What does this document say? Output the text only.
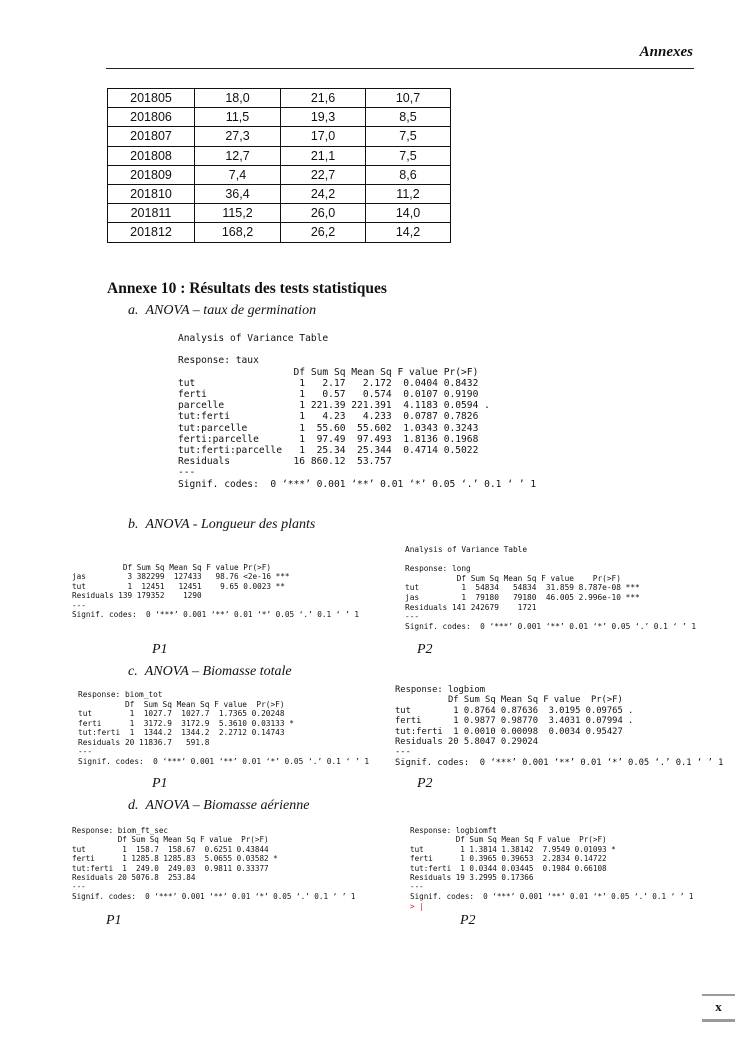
Annexes
201805	18,0	21,6	10,7
201806	11,5	19,3	8,5
201807	27,3	17,0	7,5
201808	12,7	21,1	7,5
201809	7,4	22,7	8,6
201810	36,4	24,2	11,2
201811	115,2	26,0	14,0
201812	168,2	26,2	14,2
Annexe 10 : Résultats des tests statistiques
a.  ANOVA – taux de germination
Analysis of Variance Table

Response: taux
Df Sum Sq Mean Sq F value Pr(>F)
tut                  1   2.17   2.172  0.0404 0.8432
ferti                1   0.57   0.574  0.0107 0.9190
parcelle             1 221.39 221.391  4.1183 0.0594 .
tut:ferti            1   4.23   4.233  0.0787 0.7826
tut:parcelle         1  55.60  55.602  1.0343 0.3243
ferti:parcelle       1  97.49  97.493  1.8136 0.1968
tut:ferti:parcelle   1  25.34  25.344  0.4714 0.5022
Residuals           16 860.12  53.757
---
Signif. codes:  0 ‘***’ 0.001 ‘**’ 0.01 ‘*’ 0.05 ‘.’ 0.1 ‘ ’ 1
b.  ANOVA - Longueur des plants
Df Sum Sq Mean Sq F value Pr(>F)
jas         3 382299  127433   98.76 <2e-16 ***
tut         1  12451   12451    9.65 0.0023 **
Residuals 139 179352    1290
---
Signif. codes:  0 ‘***’ 0.001 ‘**’ 0.01 ‘*’ 0.05 ‘.’ 0.1 ‘ ’ 1
Analysis of Variance Table

Response: long
Df Sum Sq Mean Sq F value    Pr(>F)
tut         1  54834   54834  31.859 8.787e-08 ***
jas         1  79180   79180  46.005 2.996e-10 ***
Residuals 141 242679    1721
---
Signif. codes:  0 ‘***’ 0.001 ‘**’ 0.01 ‘*’ 0.05 ‘.’ 0.1 ‘ ’ 1
P1	P2
c.  ANOVA – Biomasse totale
Response: biom_tot
Df  Sum Sq Mean Sq F value  Pr(>F)
tut        1  1027.7  1027.7  1.7365 0.20248
ferti      1  3172.9  3172.9  5.3610 0.03133 *
tut:ferti  1  1344.2  1344.2  2.2712 0.14743
Residuals 20 11836.7   591.8
---
Signif. codes:  0 ‘***’ 0.001 ‘**’ 0.01 ‘*’ 0.05 ‘.’ 0.1 ‘ ’ 1
Response: logbiom
Df Sum Sq Mean Sq F value  Pr(>F)
tut        1 0.8764 0.87636  3.0195 0.09765 .
ferti      1 0.9877 0.98770  3.4031 0.07994 .
tut:ferti  1 0.0010 0.00098  0.0034 0.95427
Residuals 20 5.8047 0.29024
---
Signif. codes:  0 ‘***’ 0.001 ‘**’ 0.01 ‘*’ 0.05 ‘.’ 0.1 ‘ ’ 1
P1	P2
d.  ANOVA – Biomasse aérienne
Response: biom_ft_sec
Df Sum Sq Mean Sq F value  Pr(>F)
tut        1  158.7  158.67  0.6251 0.43844
ferti      1 1285.8 1285.83  5.0655 0.03582 *
tut:ferti  1  249.0  249.03  0.9811 0.33377
Residuals 20 5076.8  253.84
---
Signif. codes:  0 ‘***’ 0.001 ‘**’ 0.01 ‘*’ 0.05 ‘.’ 0.1 ‘ ’ 1
Response: logbiomft
Df Sum Sq Mean Sq F value  Pr(>F)
tut        1 1.3814 1.38142  7.9549 0.01093 *
ferti      1 0.3965 0.39653  2.2834 0.14722
tut:ferti  1 0.0344 0.03445  0.1984 0.66108
Residuals 19 3.2995 0.17366
---
Signif. codes:  0 ‘***’ 0.001 ‘**’ 0.01 ‘*’ 0.05 ‘.’ 0.1 ‘ ’ 1
> |
P1	P2
x
